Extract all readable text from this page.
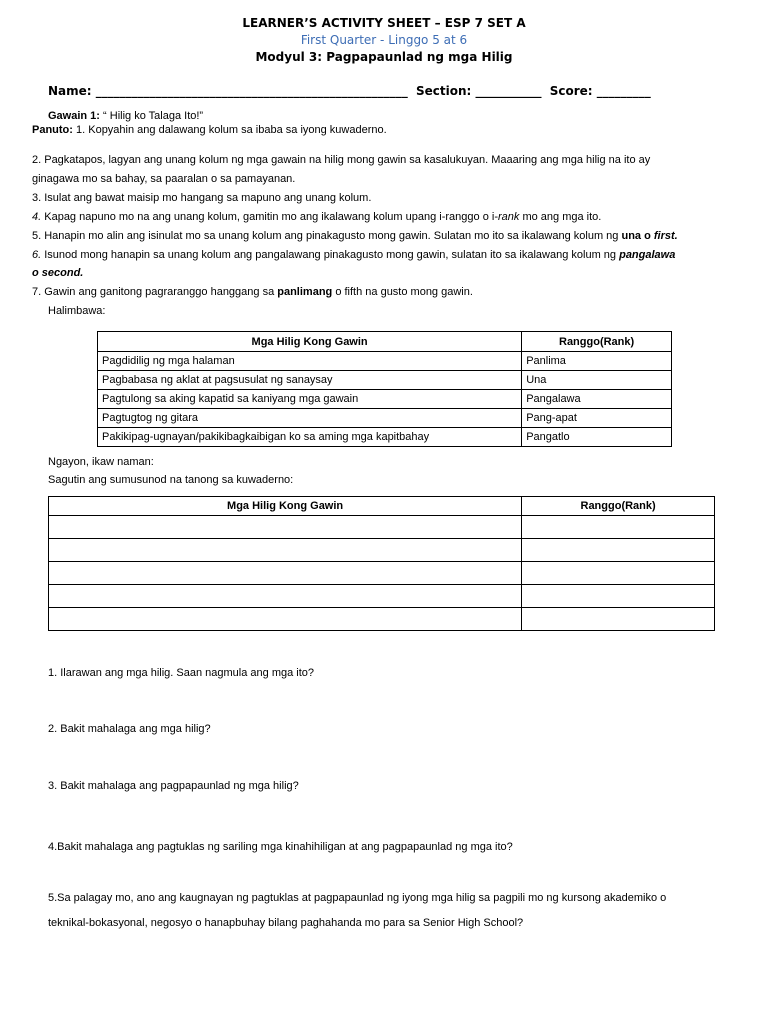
LEARNER’S ACTIVITY SHEET – ESP 7 SET A
First Quarter - Linggo 5 at 6
Modyul 3: Pagpapaunlad ng mga Hilig
Name: ____________________________________________________ Section: ___________ Score: _________
Gawain 1: “ Hilig ko Talaga Ito!”
Panuto: 1. Kopyahin ang dalawang kolum sa ibaba sa iyong kuwaderno.
2. Pagkatapos, lagyan ang unang kolum ng mga gawain na hilig mong gawin sa kasalukuyan. Maaaring ang mga hilig na ito ay
ginagawa mo sa bahay, sa paaralan o sa pamayanan.
3. Isulat ang bawat maisip mo hangang sa mapuno ang unang kolum.
4. Kapag napuno mo na ang unang kolum, gamitin mo ang ikalawang kolum upang i-ranggo o i-rank mo ang mga ito.
5. Hanapin mo alin ang isinulat mo sa unang kolum ang pinakagusto mong gawin. Sulatan mo ito sa ikalawang kolum ng una o first.
6. Isunod mong hanapin sa unang kolum ang pangalawang pinakagusto mong gawin, sulatan ito sa ikalawang kolum ng pangalawa
o second.
7. Gawin ang ganitong pagraranggo hanggang sa panlimang o fifth na gusto mong gawin.
Halimbawa:
Mga Hilig Kong Gawin	Ranggo(Rank)
Pagdidilig ng mga halaman	Panlima
Pagbabasa ng aklat at pagsusulat ng sanaysay	Una
Pagtulong sa aking kapatid sa kaniyang mga gawain	Pangalawa
Pagtugtog ng gitara	Pang-apat
Pakikipag-ugnayan/pakikibagkaibigan ko sa aming mga kapitbahay	Pangatlo
Ngayon, ikaw naman:
Sagutin ang sumusunod na tanong sa kuwaderno:
Mga Hilig Kong Gawin	Ranggo(Rank)

1. Ilarawan ang mga hilig. Saan nagmula ang mga ito?
2. Bakit mahalaga ang mga hilig?
3. Bakit mahalaga ang pagpapaunlad ng mga hilig?
4.Bakit mahalaga ang pagtuklas ng sariling mga kinahihiligan at ang pagpapaunlad ng mga ito?
5.Sa palagay mo, ano ang kaugnayan ng pagtuklas at pagpapaunlad ng iyong mga hilig sa pagpili mo ng kursong akademiko o
teknikal-bokasyonal, negosyo o hanapbuhay bilang paghahanda mo para sa Senior High School?
